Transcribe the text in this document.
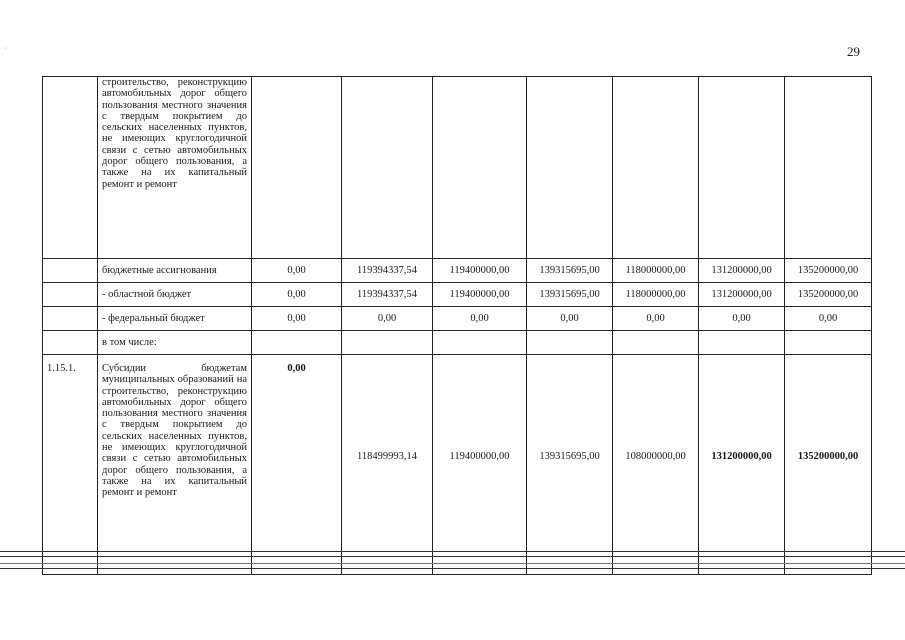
·	29
	строительство, реконструкцию автомобильных дорог общего пользования местного значения с твердым покрытием до сельских населенных пунктов, не имеющих круглогодичной связи с сетью автомобильных дорог общего пользования, а также на их капитальный ремонт и ремонт							
	бюджетные ассигнования	0,00	119394337,54	119400000,00	139315695,00	118000000,00	131200000,00	135200000,00
	- областной бюджет	0,00	119394337,54	119400000,00	139315695,00	118000000,00	131200000,00	135200000,00
	- федеральный бюджет	0,00	0,00	0,00	0,00	0,00	0,00	0,00
	в том числе:							
1.15.1.	Субсидии бюджетам муниципальных образований на строительство, реконструкцию автомобильных дорог общего пользования местного значения с твердым покрытием до сельских населенных пунктов, не имеющих круглогодичной связи с сетью автомобильных дорог общего пользования, а также на их капитальный ремонт и ремонт	0,00	118499993,14	119400000,00	139315695,00	108000000,00	131200000,00	135200000,00
